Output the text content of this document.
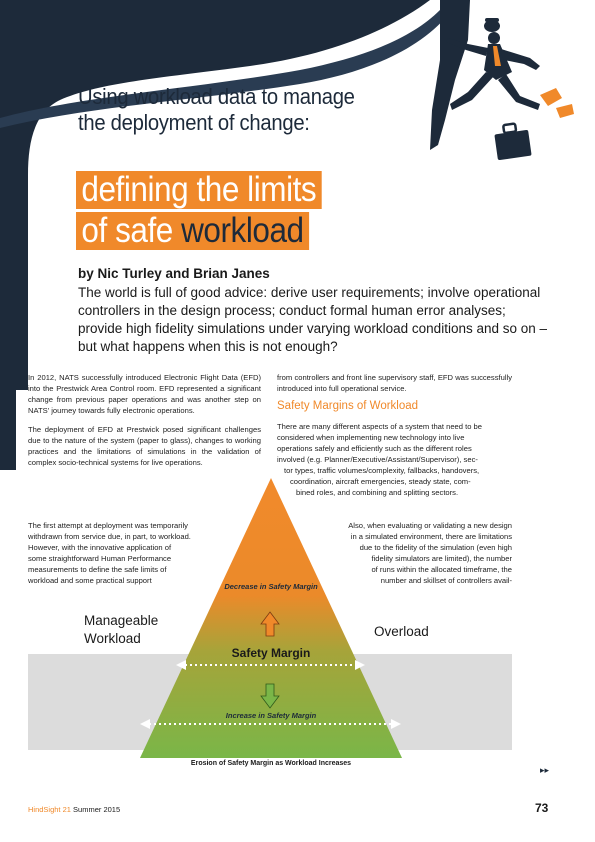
Using workload data to manage
the deployment of change:
defining the limits
of safe workload
by Nic Turley and Brian Janes
The world is full of good advice: derive user requirements; involve operational controllers in the design process; conduct formal human error analyses; provide high fidelity simulations under varying workload conditions and so on – but what happens when this is not enough?

In 2012, NATS successfully introduced Electronic Flight Data (EFD) into the Prestwick Area Control room. EFD represented a significant change from previous paper operations and was another step on NATS' journey towards fully electronic operations.

The deployment of EFD at Prestwick posed significant challenges due to the nature of the system (paper to glass), changes to working practices and the limitations of simulations in the validation of complex socio-technical systems for live operations.

The first attempt at deployment was temporarily
withdrawn from service due, in part, to workload.
However, with the innovative application of
some straightforward Human Performance
measurements to define the safe limits of
workload and some practical support
from controllers and front line supervisory staff, EFD was successfully introduced into full operational service.
Safety Margins of Workload
There are many different aspects of a system that need to be
considered when implementing new technology into live
operations safely and efficiently such as the different roles
involved (e.g. Planner/Executive/Assistant/Supervisor), sec-
tor types, traffic volumes/complexity, fallbacks, handovers,
coordination, aircraft emergencies, steady state, com-
bined roles, and combining and splitting sectors.
Also, when evaluating or validating a new design
in a simulated environment, there are limitations
due to the fidelity of the simulation (even high
fidelity simulators are limited), the number
of runs within the allocated timeframe, the
number and skillset of controllers avail-
Manageable
Workload	Overload
Decrease in Safety Margin
Safety Margin
Increase in Safety Margin
Erosion of Safety Margin as Workload Increases
▸▸
HindSight 21 Summer 2015	73
